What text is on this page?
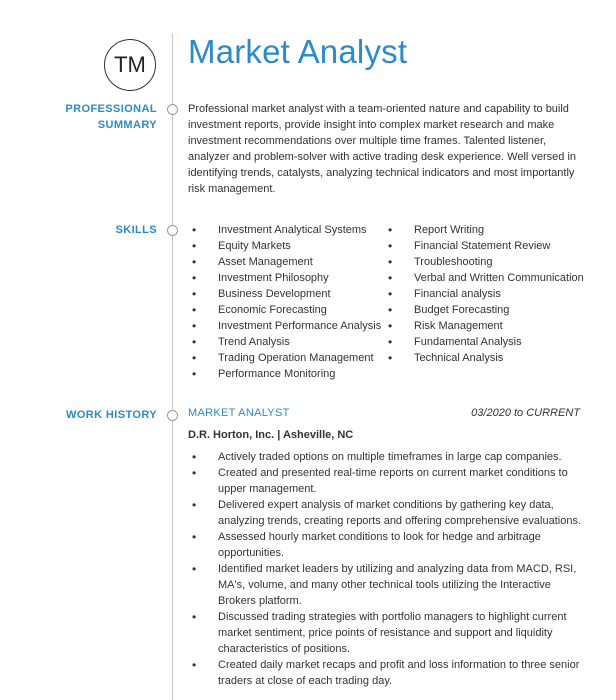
TM Market Analyst
PROFESSIONAL
SUMMARY
Professional market analyst with a team-oriented nature and capability to build investment reports, provide insight into complex market research and make investment recommendations over multiple time frames. Talented listener, analyzer and problem-solver with active trading desk experience. Well versed in identifying trends, catalysts, analyzing technical indicators and most importantly risk management.
SKILLS
•	Investment Analytical Systems
• Equity Markets
• Asset Management
• Investment Philosophy
• Business Development
• Economic Forecasting
• Investment Performance Analysis
• Trend Analysis
• Trading Operation Management
• Performance Monitoring
• Report Writing
• Financial Statement Review
• Troubleshooting
• Verbal and Written Communication
• Financial analysis
• Budget Forecasting
• Risk Management
• Fundamental Analysis
• Technical Analysis
WORK HISTORY	MARKET ANALYST	03/2020 to CURRENT
D.R. Horton, Inc. | Asheville, NC
• Actively traded options on multiple timeframes in large cap companies.
• Created and presented real-time reports on current market conditions to upper management.
• Delivered expert analysis of market conditions by gathering key data, analyzing trends, creating reports and offering comprehensive evaluations.
• Assessed hourly market conditions to look for hedge and arbitrage opportunities.
• Identified market leaders by utilizing and analyzing data from MACD, RSI, MA's, volume, and many other technical tools utilizing the Interactive Brokers platform.
• Discussed trading strategies with portfolio managers to highlight current market sentiment, price points of resistance and support and liquidity characteristics of positions.
• Created daily market recaps and profit and loss information to three senior traders at close of each trading day.
